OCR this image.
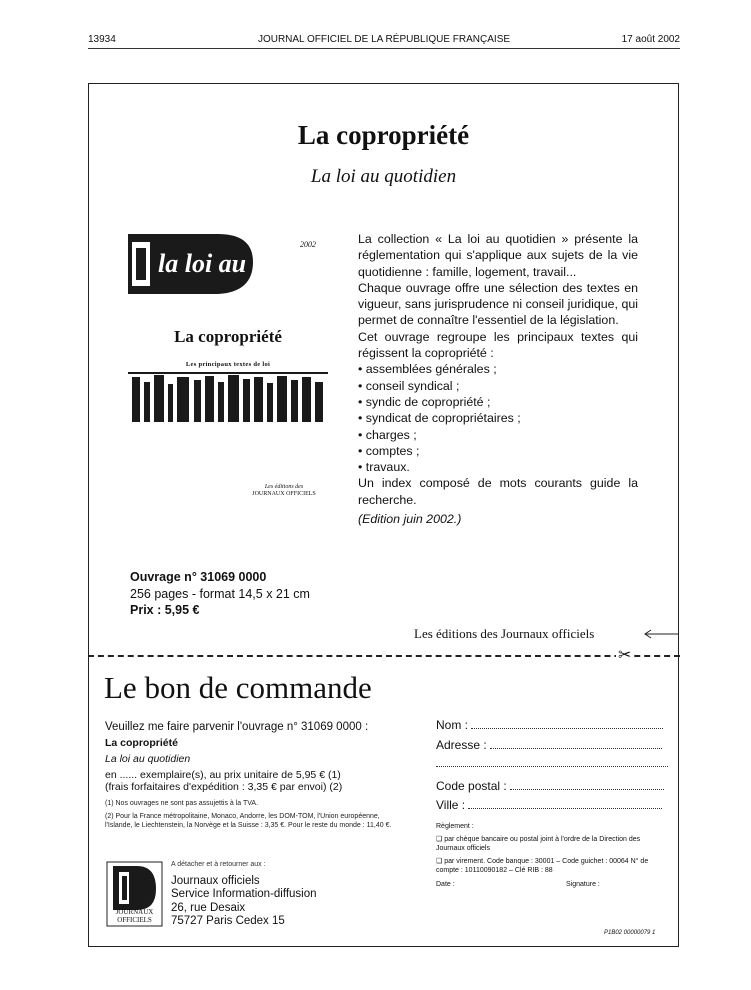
13934	JOURNAL OFFICIEL DE LA RÉPUBLIQUE FRANÇAISE	17 août 2002
La copropriété
La loi au quotidien
la loi au Quotidien
2002
La copropriété
Les principaux textes de loi
Les éditions des
JOURNAUX OFFICIELS

La collection « La loi au quotidien » présente la réglementation qui s'applique aux sujets de la vie quotidienne : famille, logement, travail...

Chaque ouvrage offre une sélection des textes en vigueur, sans jurisprudence ni conseil juridique, qui permet de connaître l'essentiel de la législation.

Cet ouvrage regroupe les principaux textes qui régissent la copropriété :

• assemblées générales ;
• conseil syndical ;
• syndic de copropriété ;
• syndicat de copropriétaires ;
• charges ;
• comptes ;
• travaux.

Un index composé de mots courants guide la recherche.

(Edition juin 2002.)

Ouvrage n° 31069 0000
256 pages - format 14,5 x 21 cm
Prix : 5,95 €
Les éditions des Journaux officiels
✂
Le bon de commande
Veuillez me faire parvenir l'ouvrage n° 31069 0000 :
La copropriété
La loi au quotidien
en ...... exemplaire(s), au prix unitaire de 5,95 € (1)
(frais forfaitaires d'expédition : 3,35 € par envoi) (2)
(1) Nos ouvrages ne sont pas assujettis à la TVA.
(2) Pour la France métropolitaine, Monaco, Andorre, les DOM-TOM, l'Union européenne, l'Islande, le Liechtenstein, la Norvège et la Suisse : 3,35 €. Pour le reste du monde : 11,40 €.
JOURNAUX OFFICIELS
A détacher et à retourner aux :
Journaux officiels
Service Information-diffusion
26, rue Desaix
75727 Paris Cedex 15
Nom :
Adresse :
Code postal :
Ville :
Règlement :
❏ par chèque bancaire ou postal joint à l'ordre de la Direction des Journaux officiels
❏ par virement. Code banque : 30001 – Code guichet : 00064 N° de compte : 10110090182 – Clé RIB : 88
Date :	Signature :
P1B02 00000079 1
